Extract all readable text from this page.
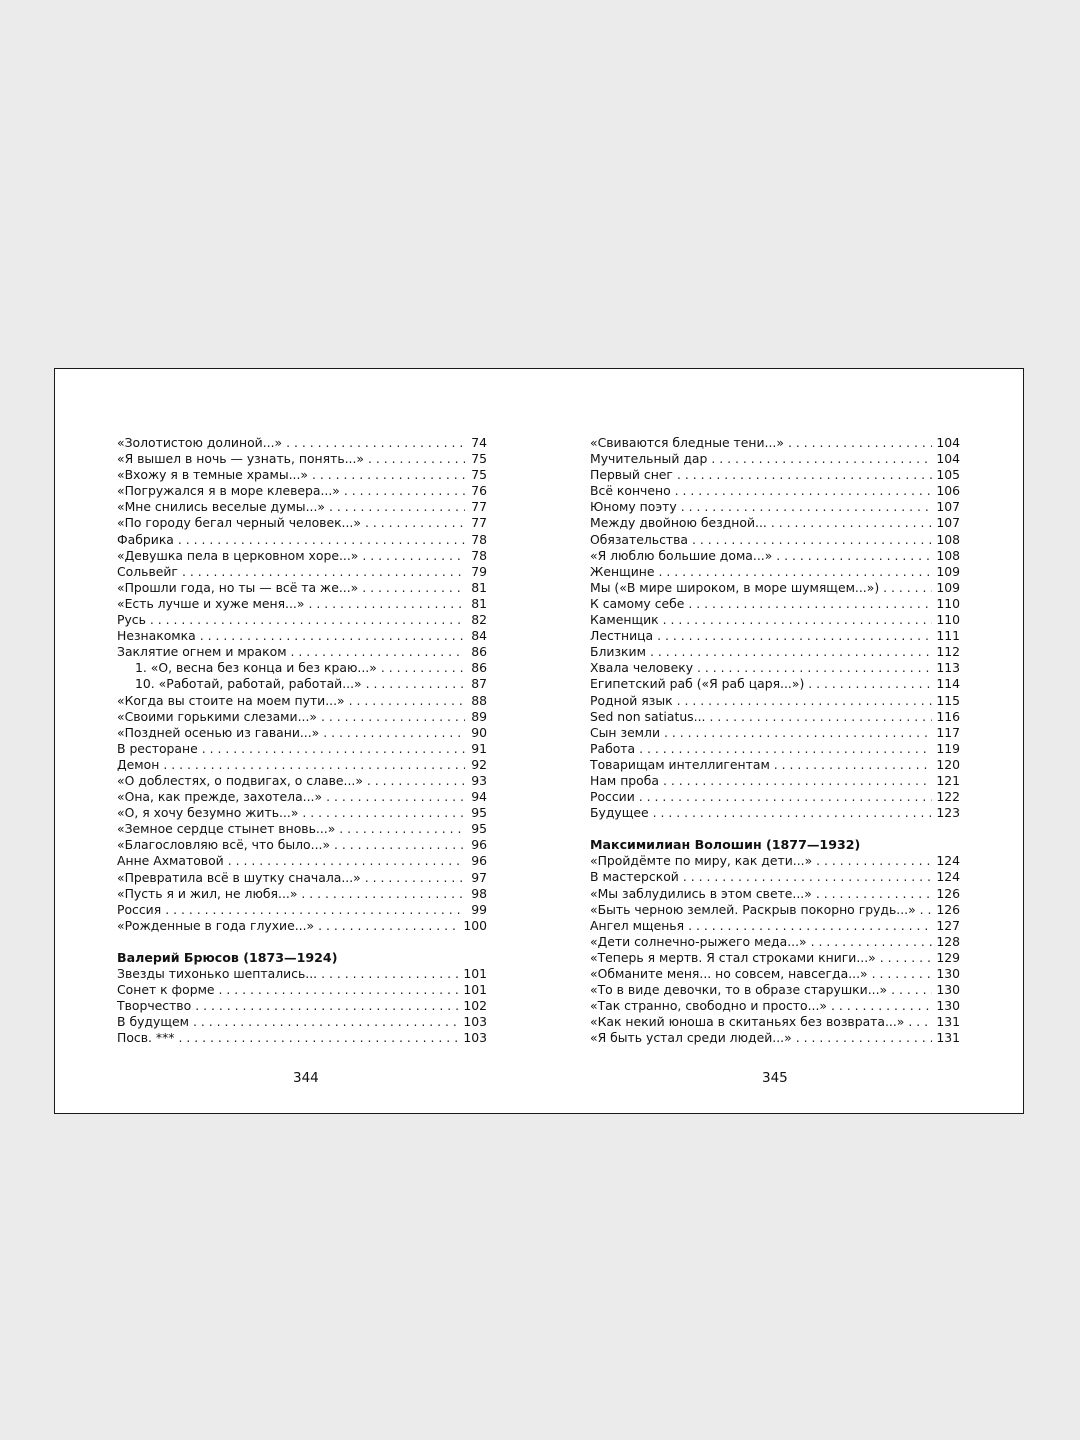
«Золотистою долиной...» . . .	74
«Я вышел в ночь — узнать, понять...» . . .	75
«Вхожу я в темные храмы...» . . .	75
«Погружался я в море клевера...» . . .	76
«Мне снились веселые думы...» . . .	77
«По городу бегал черный человек...» . . .	77
Фабрика . . .	78
«Девушка пела в церковном хоре...» . . .	78
Сольвейг . . .	79
«Прошли года, но ты — всё та же...» . . .	81
«Есть лучше и хуже меня...» . . .	81
Русь . . .	82
Незнакомка . . .	84
Заклятие огнем и мраком . . .	86
1. «О, весна без конца и без краю...» . . .	86
10. «Работай, работай, работай...» . . .	87
«Когда вы стоите на моем пути...» . . .	88
«Своими горькими слезами...» . . .	89
«Поздней осенью из гавани...» . . .	90
В ресторане . . .	91
Демон . . .	92
«О доблестях, о подвигах, о славе...» . . .	93
«Она, как прежде, захотела...» . . .	94
«О, я хочу безумно жить...» . . .	95
«Земное сердце стынет вновь...» . . .	95
«Благословляю всё, что было...» . . .	96
Анне Ахматовой . . .	96
«Превратила всё в шутку сначала...» . . .	97
«Пусть я и жил, не любя...» . . .	98
Россия . . .	99
«Рожденные в года глухие...» . . .	100
Валерий Брюсов (1873—1924)
Звезды тихонько шептались... . . .	101
Сонет к форме . . .	101
Творчество . . .	102
В будущем . . .	103
Посв. *** . . .	103
«Свиваются бледные тени...» . . .	104
Мучительный дар . . .	104
Первый снег . . .	105
Всё кончено . . .	106
Юному поэту . . .	107
Между двойною бездной... . . .	107
Обязательства . . .	108
«Я люблю большие дома...» . . .	108
Женщине . . .	109
Мы («В мире широком, в море шумящем...») . . .	109
К самому себе . . .	110
Каменщик . . .	110
Лестница . . .	111
Близким . . .	112
Хвала человеку . . .	113
Египетский раб («Я раб царя...») . . .	114
Родной язык . . .	115
Sed non satiatus... . . .	116
Сын земли . . .	117
Работа . . .	119
Товарищам интеллигентам . . .	120
Нам проба . . .	121
России . . .	122
Будущее . . .	123
Максимилиан Волошин (1877—1932)
«Пройдёмте по миру, как дети...» . . .	124
В мастерской . . .	124
«Мы заблудились в этом свете...» . . .	126
«Быть черною землей. Раскрыв покорно грудь...» . . . 126
Ангел мщенья . . .	127
«Дети солнечно-рыжего меда...» . . .	128
«Теперь я мертв. Я стал строками книги...» . . .	129
«Обманите меня... но совсем, навсегда...» . . .	130
«То в виде девочки, то в образе старушки...» . . .	130
«Так странно, свободно и просто...» . . .	130
«Как некий юноша в скитаньях без возврата...» . . .	131
«Я быть устал среди людей...» . . .	131
344	345
